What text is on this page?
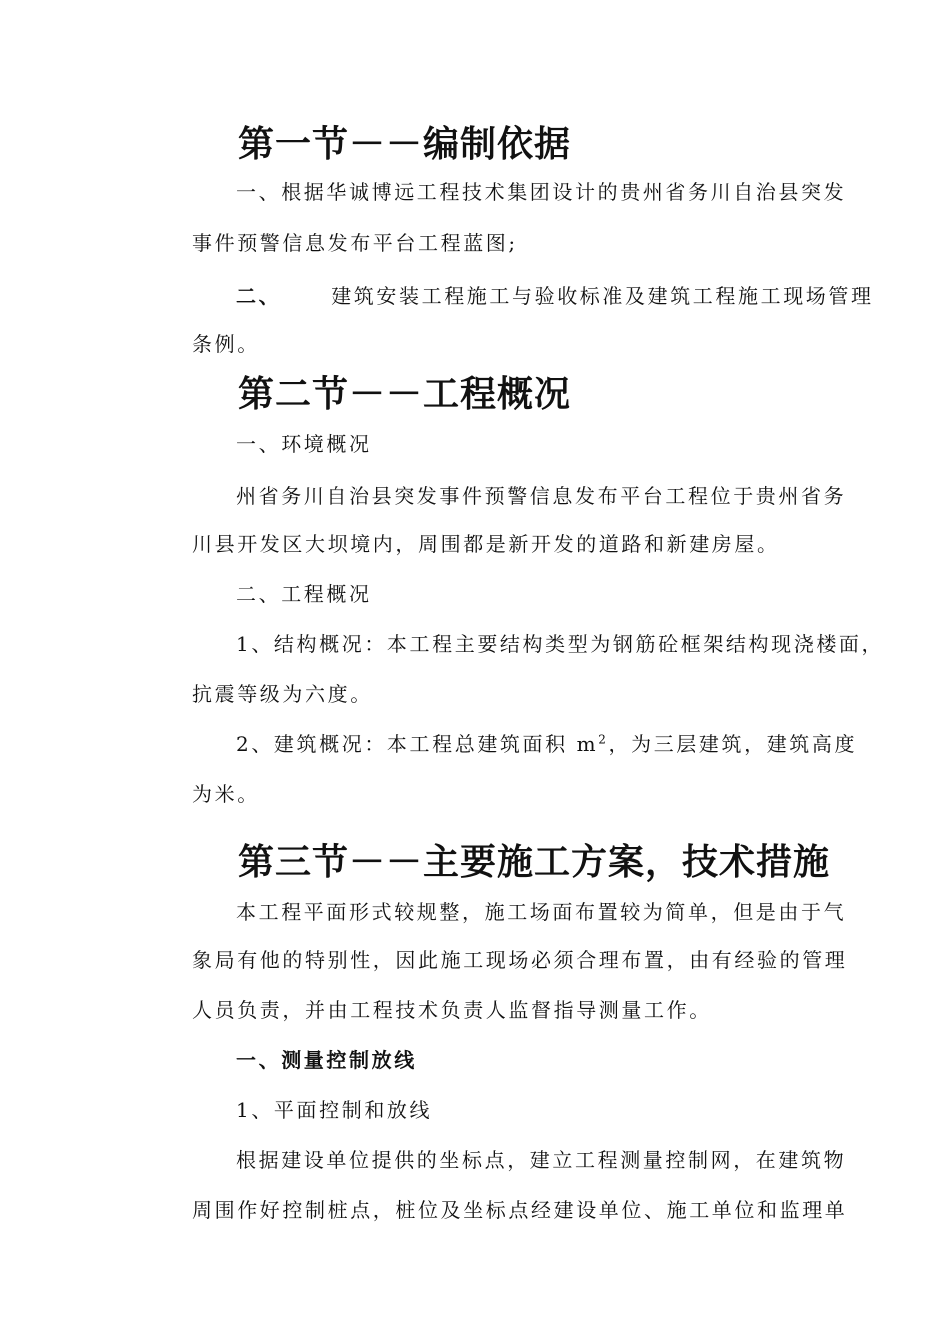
第一节－－编制依据
一、根据华诚博远工程技术集团设计的贵州省务川自治县突发
事件预警信息发布平台工程蓝图;
二、	建筑安装工程施工与验收标准及建筑工程施工现场管理
条例。
第二节－－工程概况
一、环境概况
州省务川自治县突发事件预警信息发布平台工程位于贵州省务
川县开发区大坝境内，周围都是新开发的道路和新建房屋。
二、工程概况
1、结构概况：本工程主要结构类型为钢筋砼框架结构现浇楼面，
抗震等级为六度。
2、建筑概况：本工程总建筑面积 $m^2$，为三层建筑，建筑高度
为米。
第三节－－主要施工方案，技术措施
本工程平面形式较规整，施工场面布置较为简单，但是由于气
象局有他的特别性，因此施工现场必须合理布置，由有经验的管理
人员负责，并由工程技术负责人监督指导测量工作。
一、测量控制放线
1、平面控制和放线
根据建设单位提供的坐标点，建立工程测量控制网，在建筑物
周围作好控制桩点，桩位及坐标点经建设单位、施工单位和监理单
